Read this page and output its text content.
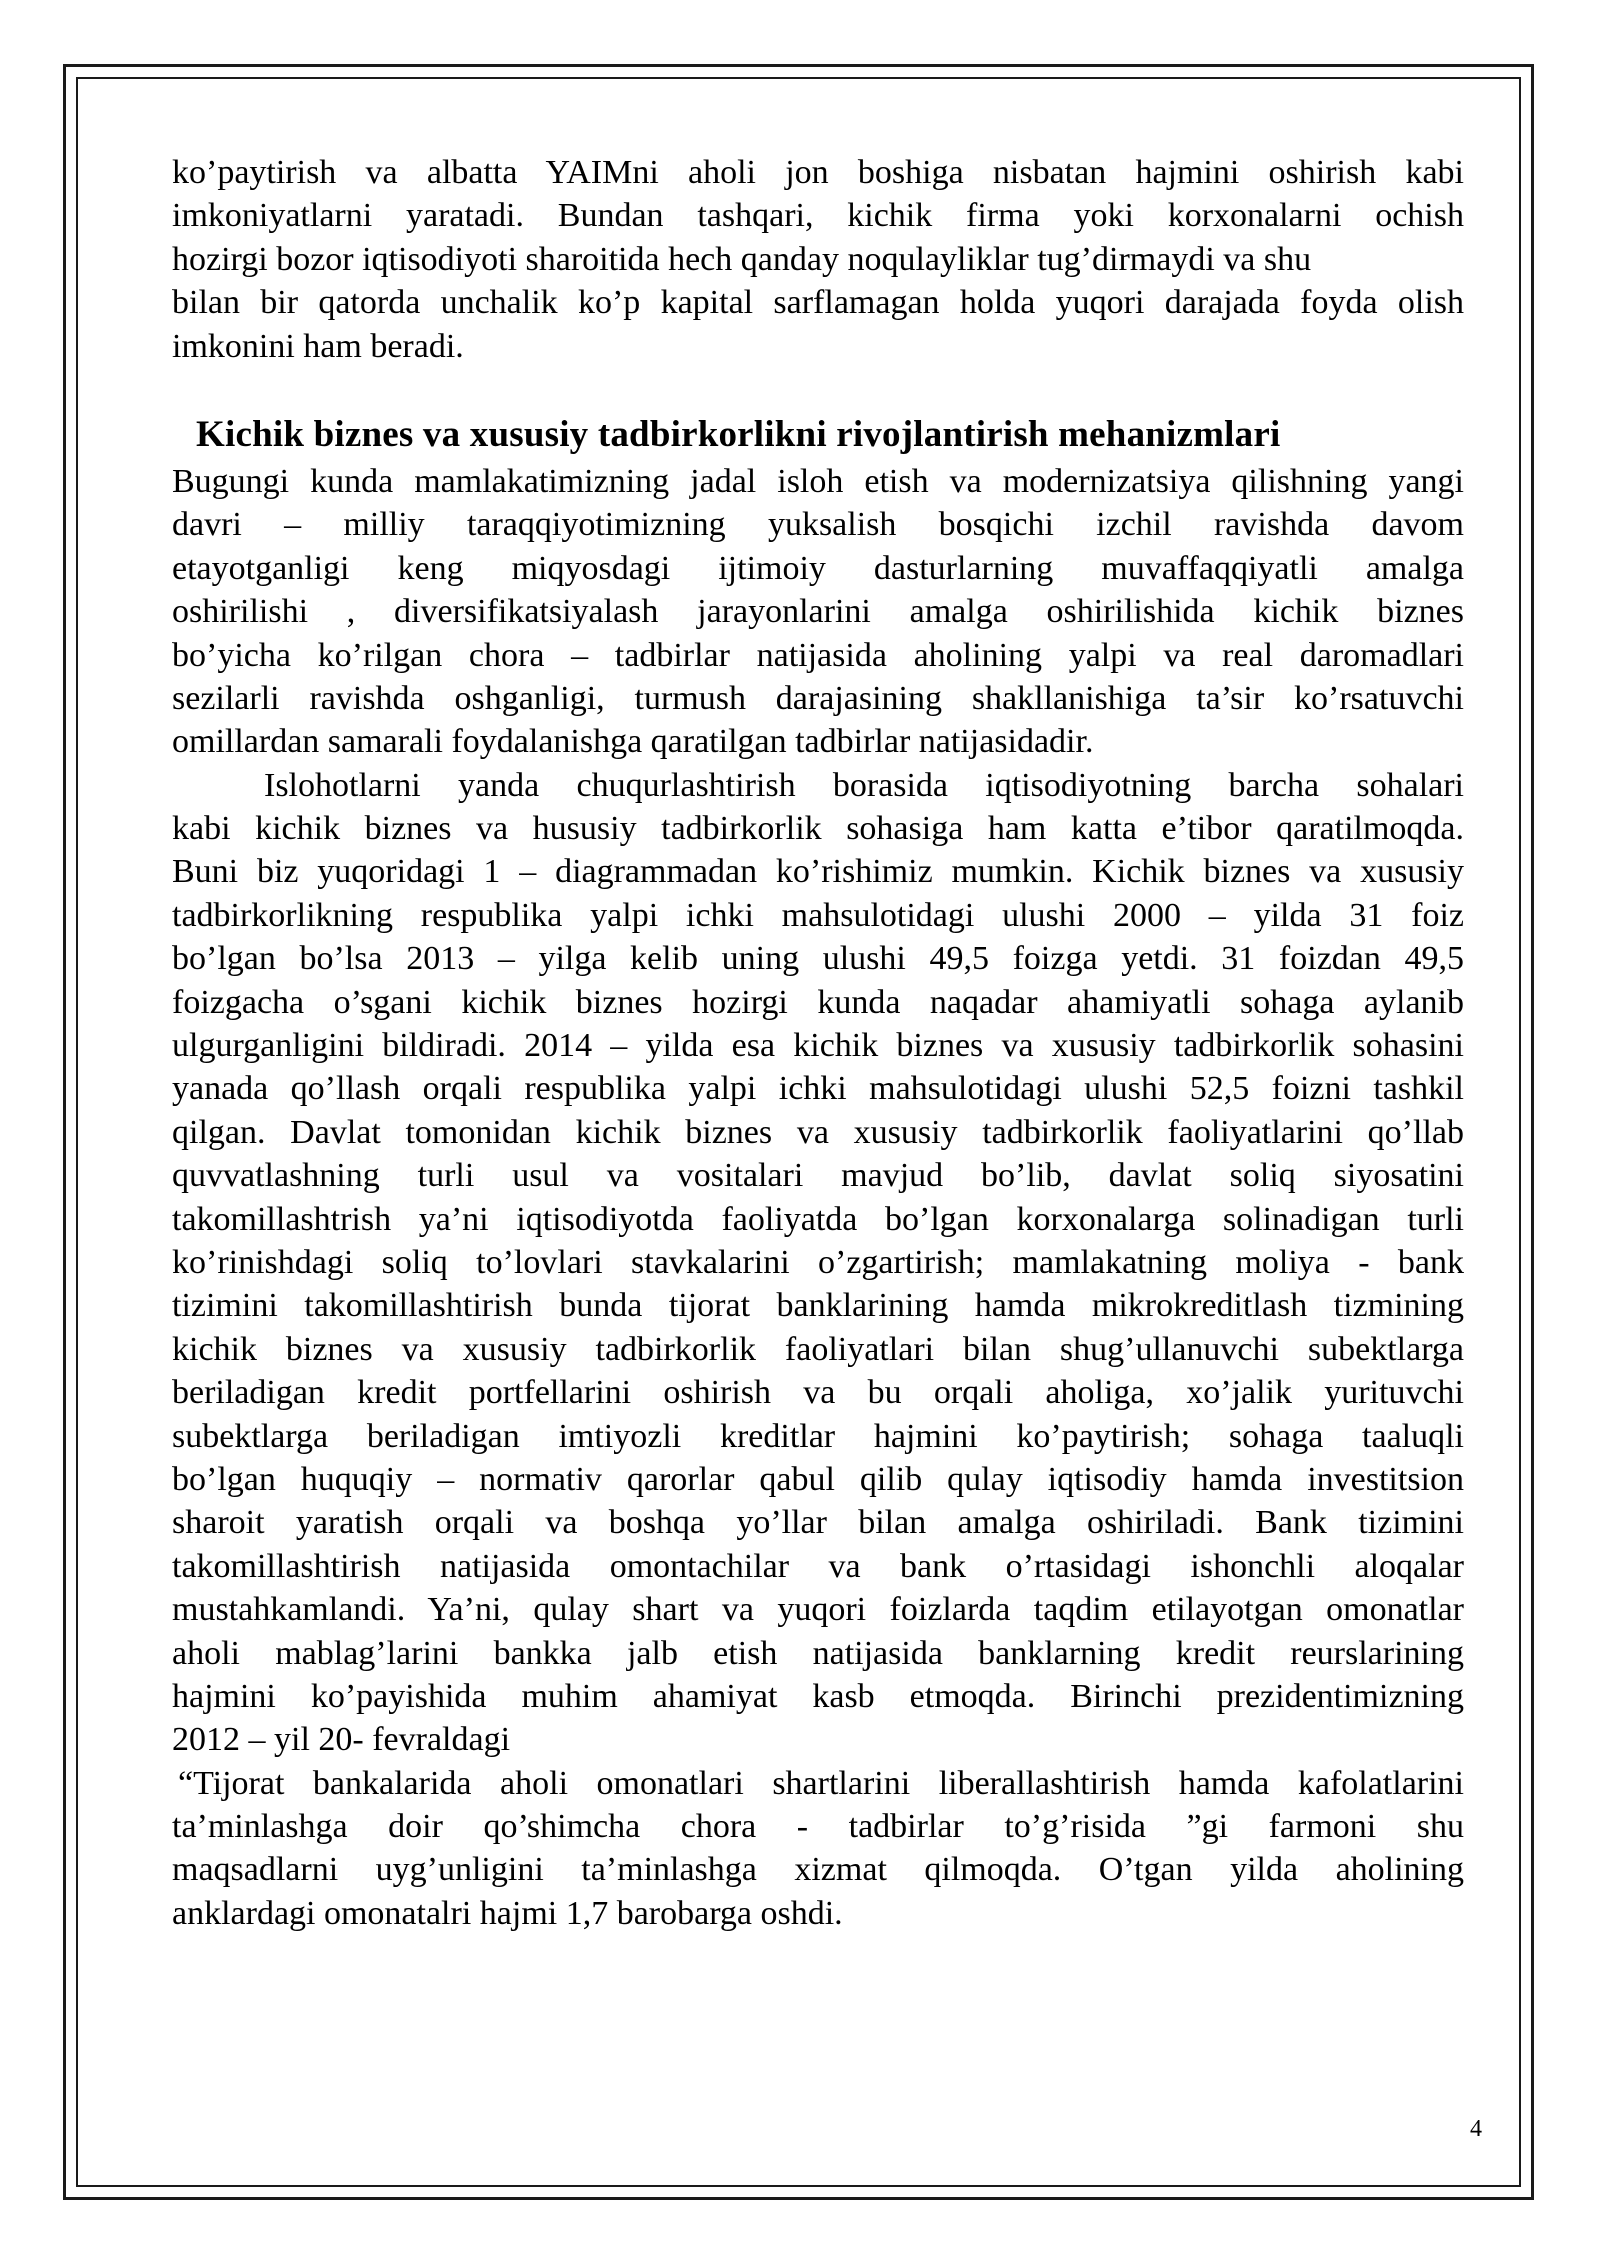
ko’paytirish va albatta YAIMni aholi jon boshiga nisbatan hajmini oshirish kabi
imkoniyatlarni yaratadi. Bundan tashqari, kichik firma yoki korxonalarni ochish
hozirgi bozor iqtisodiyoti sharoitida hech qanday noqulayliklar tug’dirmaydi va shu
bilan bir qatorda unchalik ko’p kapital sarflamagan holda yuqori darajada foyda olish
imkonini ham beradi.
Kichik biznes va xususiy tadbirkorlikni rivojlantirish mehanizmlari
Bugungi kunda mamlakatimizning jadal isloh etish va modernizatsiya qilishning yangi
davri – milliy taraqqiyotimizning yuksalish bosqichi izchil ravishda davom
etayotganligi keng miqyosdagi ijtimoiy dasturlarning muvaffaqqiyatli amalga
oshirilishi , diversifikatsiyalash jarayonlarini amalga oshirilishida kichik biznes
bo’yicha ko’rilgan chora – tadbirlar natijasida aholining yalpi va real daromadlari
sezilarli ravishda oshganligi, turmush darajasining shakllanishiga ta’sir ko’rsatuvchi
omillardan samarali foydalanishga qaratilgan tadbirlar natijasidadir.
Islohotlarni yanda chuqurlashtirish borasida iqtisodiyotning barcha sohalari
kabi kichik biznes va hususiy tadbirkorlik sohasiga ham katta e’tibor qaratilmoqda.
Buni biz yuqoridagi 1 – diagrammadan ko’rishimiz mumkin. Kichik biznes va xususiy
tadbirkorlikning respublika yalpi ichki mahsulotidagi ulushi 2000 – yilda 31 foiz
bo’lgan bo’lsa 2013 – yilga kelib uning ulushi 49,5 foizga yetdi. 31 foizdan 49,5
foizgacha o’sgani kichik biznes hozirgi kunda naqadar ahamiyatli sohaga aylanib
ulgurganligini bildiradi. 2014 – yilda esa kichik biznes va xususiy tadbirkorlik sohasini
yanada qo’llash orqali respublika yalpi ichki mahsulotidagi ulushi 52,5 foizni tashkil
qilgan. Davlat tomonidan kichik biznes va xususiy tadbirkorlik faoliyatlarini qo’llab
quvvatlashning turli usul va vositalari mavjud bo’lib, davlat soliq siyosatini
takomillashtrish ya’ni iqtisodiyotda faoliyatda bo’lgan korxonalarga solinadigan turli
ko’rinishdagi soliq to’lovlari stavkalarini o’zgartirish; mamlakatning moliya - bank
tizimini takomillashtirish bunda tijorat banklarining hamda mikrokreditlash tizmining
kichik biznes va xususiy tadbirkorlik faoliyatlari bilan shug’ullanuvchi subektlarga
beriladigan kredit portfellarini oshirish va bu orqali aholiga, xo’jalik yurituvchi
subektlarga beriladigan imtiyozli kreditlar hajmini ko’paytirish; sohaga taaluqli
bo’lgan huquqiy – normativ qarorlar qabul qilib qulay iqtisodiy hamda investitsion
sharoit yaratish orqali va boshqa yo’llar bilan amalga oshiriladi. Bank tizimini
takomillashtirish natijasida omontachilar va bank o’rtasidagi ishonchli aloqalar
mustahkamlandi. Ya’ni, qulay shart va yuqori foizlarda taqdim etilayotgan omonatlar
aholi mablag’larini bankka jalb etish natijasida banklarning kredit reurslarining
hajmini ko’payishida muhim ahamiyat kasb etmoqda. Birinchi prezidentimizning
2012 – yil 20- fevraldagi
“Tijorat bankalarida aholi omonatlari shartlarini liberallashtirish hamda kafolatlarini
ta’minlashga doir qo’shimcha chora - tadbirlar to’g’risida ”gi farmoni shu
maqsadlarni uyg’unligini ta’minlashga xizmat qilmoqda. O’tgan yilda aholining
anklardagi omonatalri hajmi 1,7 barobarga oshdi.
4
